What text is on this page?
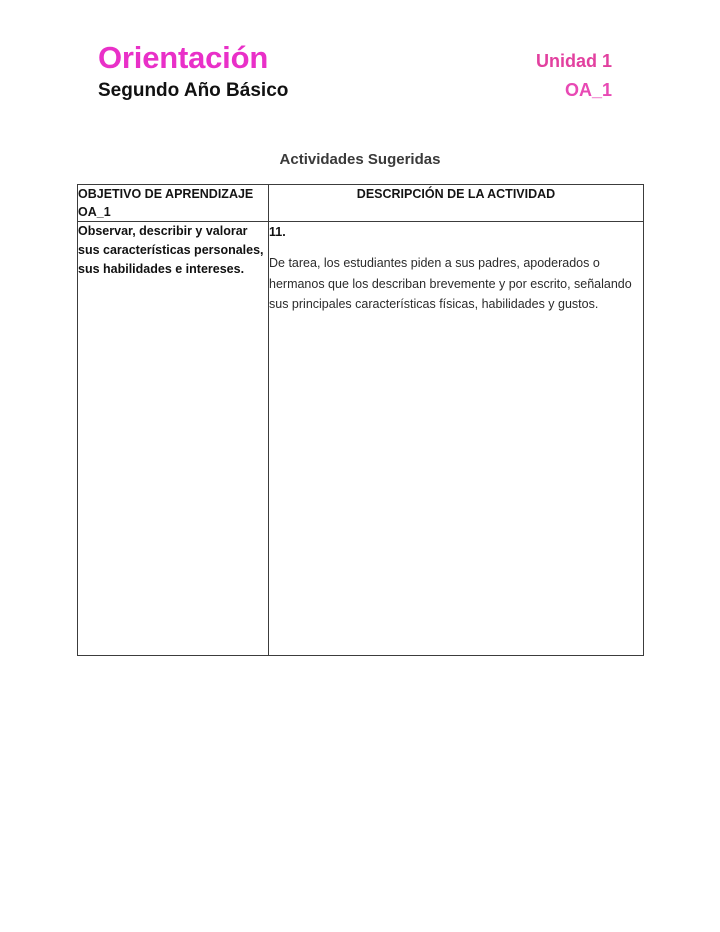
Orientación
Segundo Año Básico
Unidad 1
OA_1
Actividades Sugeridas
OBJETIVO DE APRENDIZAJE OA_1	DESCRIPCIÓN DE LA ACTIVIDAD
Observar, describir y valorar sus características personales, sus habilidades e intereses.	11.

De tarea, los estudiantes piden a sus padres, apoderados o hermanos que los describan brevemente y por escrito, señalando sus principales características físicas, habilidades y gustos.
